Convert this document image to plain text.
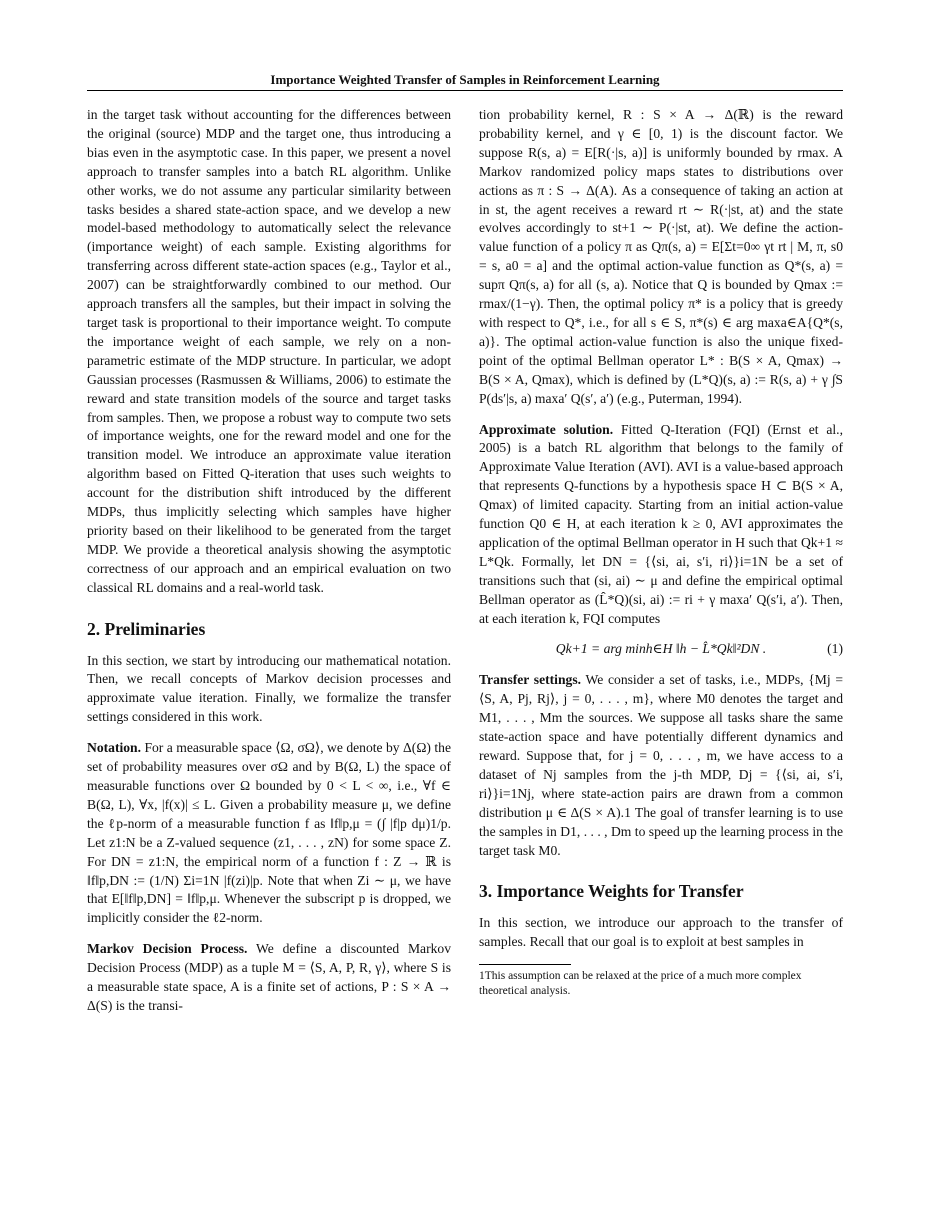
Importance Weighted Transfer of Samples in Reinforcement Learning

in the target task without accounting for the differences between the original (source) MDP and the target one, thus introducing a bias even in the asymptotic case. In this paper, we present a novel approach to transfer samples into a batch RL algorithm. Unlike other works, we do not assume any particular similarity between tasks besides a shared state-action space, and we develop a new model-based methodology to automatically select the relevance (importance weight) of each sample. Existing algorithms for transferring across different state-action spaces (e.g., Taylor et al., 2007) can be straightforwardly combined to our method. Our approach transfers all the samples, but their impact in solving the target task is proportional to their importance weight. To compute the importance weight of each sample, we rely on a non-parametric estimate of the MDP structure. In particular, we adopt Gaussian processes (Rasmussen & Williams, 2006) to estimate the reward and state transition models of the source and target tasks from samples. Then, we propose a robust way to compute two sets of importance weights, one for the reward model and one for the transition model. We introduce an approximate value iteration algorithm based on Fitted Q-iteration that uses such weights to account for the distribution shift introduced by the different MDPs, thus implicitly selecting which samples have higher priority based on their likelihood to be generated from the target MDP. We provide a theoretical analysis showing the asymptotic correctness of our approach and an empirical evaluation on two classical RL domains and a real-world task.

2. Preliminaries

In this section, we start by introducing our mathematical notation. Then, we recall concepts of Markov decision processes and approximate value iteration. Finally, we formalize the transfer settings considered in this work.

Notation. For a measurable space ⟨Ω, σΩ⟩, we denote by Δ(Ω) the set of probability measures over σΩ and by B(Ω, L) the space of measurable functions over Ω bounded by 0 < L < ∞, i.e., ∀f ∈ B(Ω, L), ∀x, |f(x)| ≤ L. Given a probability measure μ, we define the ℓp-norm of a measurable function f as ‖f‖p,μ = (∫ |f|p dμ)1/p. Let z1:N be a Z-valued sequence (z1, . . . , zN) for some space Z. For DN = z1:N, the empirical norm of a function f : Z → ℝ is ‖f‖p,DN := (1/N) Σi=1N |f(zi)|p. Note that when Zi ∼ μ, we have that E[‖f‖p,DN] = ‖f‖p,μ. Whenever the subscript p is dropped, we implicitly consider the ℓ2-norm.

Markov Decision Process. We define a discounted Markov Decision Process (MDP) as a tuple M = ⟨S, A, P, R, γ⟩, where S is a measurable state space, A is a finite set of actions, P : S × A → Δ(S) is the transi-

tion probability kernel, R : S × A → Δ(ℝ) is the reward probability kernel, and γ ∈ [0, 1) is the discount factor. We suppose R(s, a) = E[R(·|s, a)] is uniformly bounded by rmax. A Markov randomized policy maps states to distributions over actions as π : S → Δ(A). As a consequence of taking an action at in st, the agent receives a reward rt ∼ R(·|st, at) and the state evolves accordingly to st+1 ∼ P(·|st, at). We define the action-value function of a policy π as Qπ(s, a) = E[Σt=0∞ γt rt | M, π, s0 = s, a0 = a] and the optimal action-value function as Q*(s, a) = supπ Qπ(s, a) for all (s, a). Notice that Q is bounded by Qmax := rmax/(1−γ). Then, the optimal policy π* is a policy that is greedy with respect to Q*, i.e., for all s ∈ S, π*(s) ∈ arg maxa∈A{Q*(s, a)}. The optimal action-value function is also the unique fixed-point of the optimal Bellman operator L* : B(S × A, Qmax) → B(S × A, Qmax), which is defined by (L*Q)(s, a) := R(s, a) + γ ∫S P(ds′|s, a) maxa′ Q(s′, a′) (e.g., Puterman, 1994).

Approximate solution. Fitted Q-Iteration (FQI) (Ernst et al., 2005) is a batch RL algorithm that belongs to the family of Approximate Value Iteration (AVI). AVI is a value-based approach that represents Q-functions by a hypothesis space H ⊂ B(S × A, Qmax) of limited capacity. Starting from an initial action-value function Q0 ∈ H, at each iteration k ≥ 0, AVI approximates the application of the optimal Bellman operator in H such that Qk+1 ≈ L*Qk. Formally, let DN = {⟨si, ai, s′i, ri⟩}i=1N be a set of transitions such that (si, ai) ∼ μ and define the empirical optimal Bellman operator as (L̂*Q)(si, ai) := ri + γ maxa′ Q(s′i, a′). Then, at each iteration k, FQI computes

Qk+1 = arg minh∈H ‖h − L̂*Qk‖²DN .	(1)

Transfer settings. We consider a set of tasks, i.e., MDPs, {Mj = ⟨S, A, Pj, Rj⟩, j = 0, . . . , m}, where M0 denotes the target and M1, . . . , Mm the sources. We suppose all tasks share the same state-action space and have potentially different dynamics and reward. Suppose that, for j = 0, . . . , m, we have access to a dataset of Nj samples from the j-th MDP, Dj = {⟨si, ai, s′i, ri⟩}i=1Nj, where state-action pairs are drawn from a common distribution μ ∈ Δ(S × A).1 The goal of transfer learning is to use the samples in D1, . . . , Dm to speed up the learning process in the target task M0.

3. Importance Weights for Transfer

In this section, we introduce our approach to the transfer of samples. Recall that our goal is to exploit at best samples in

1This assumption can be relaxed at the price of a much more complex theoretical analysis.
